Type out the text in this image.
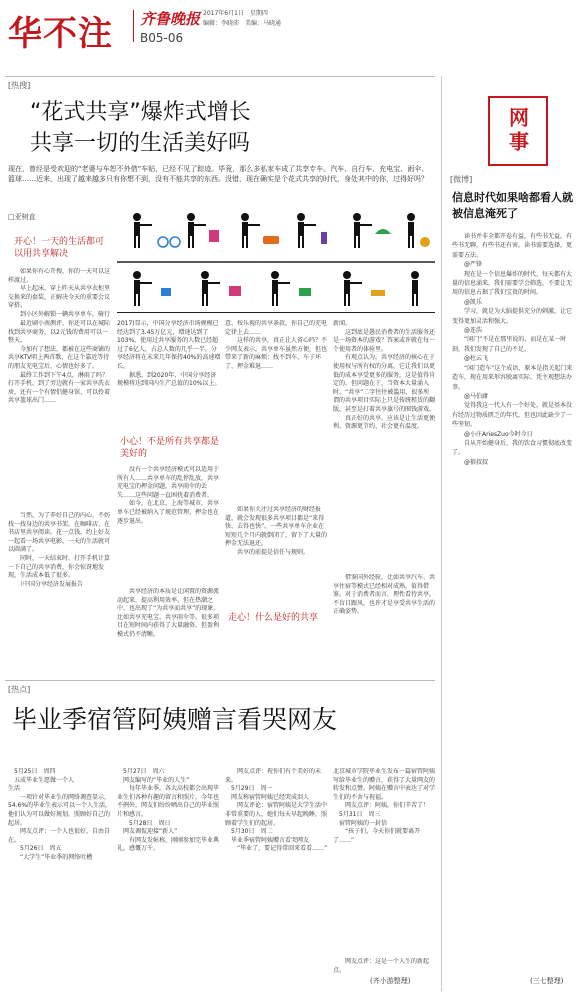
华不注 齐鲁晚报 2017年6月1日　星期四
编辑：李晓沛　美编：马晓通
B05-06
[热搜]
“花式共享”爆炸式增长
共享一切的生活美好吗
现在，曾经是受欢迎的“老婆与车恕不外借”车贴，已经不见了踪迹。毕竟，那么多私家车成了共享专车。汽车、自行车、充电宝、雨伞、篮球……近来，出现了越来越多只有你想不到，没有不能共享的东西。没错，现在确实是个花式共享的时代，身处其中的你，过得好吗？
□亚树直
开心！一天的生活都可以用共享解决
　　如果你有心开搜，你的一天可以这样渡过。
　　早上起床，穿上昨天从共享衣柜里交换来的套装，正解决今天的重要会议穿搭。
　　到小区外解锁一辆共享单车，骑行

　　最近刷小南测评，你还可以在城际找到共享商务，以2元钱的费用可以一整天。
　　今加有了想法，都被在这些商铺的共享KTV唱上两首歌，在这个靠近等待的朋友充电宝后，心情也好多了。
　　最终工作到下午4点，淋雨了吗？打开手机，到了旁边就有一家共享洗衣房，还有一个有情侣健身馆、可以拎着共享篮球出门……
　　当然，为了养好自己的内心，不妨找一找身边的共享书架，在咖啡店、在书店里共享阅读。花一点钱，约上好友一起看一场共享电影，一天的生活就可以圆满了。
　　同时，一天结束时，打开手机计算一下自己的共享消费，你会惊讶地发现，生活成本低了很多。
　　（中国分享经济发展报告
2017)显示，中国分享经济市场规模已经达到了3.45万亿元，增速达到了103%，使用过共享服务的人数已经超过了6亿人，占总人数的几乎一半。分享经济将在未来几年保持40%的高速增长。
　　据悉，到2020年，中国分享经济规模将达到国内生产总值的10%以上。
小心！不是所有共享都是美好的
　　没有一个共享经济模式可以适用于所有人……共享单车的乱停乱放，共享充电宝的押金问题，共享雨伞的丢失……这些问题一直困扰着消费者。
　　如今，在北京、上海等城市，共享单车已经被纳入了规范管理，押金也在逐步退出。
　　共享经济的本质是让闲置的资源流动起来，提高利用效率。但在热潮之中，也出现了“为共享而共享”的现象。比如共享充电宝、共享雨伞等，很多项目在短时间内获得了大量融资，但盈利模式仍不清晰。
意、按乐视的共享条款，你自己的充电定律上去……
　　这样的共享，真正让人省心吗？不少网友表示，共享单车虽然方便，但也带来了新的麻烦：找不到车、车子坏了、押金难退……
走心！什么是好的共享
　　如果你关注过共享经济的财经报道，就会发现很多共享项目都是“来得快、去得也快”。一些共享单车企业在短短几个月内就倒闭了，留下了大量的押金无法退还。
　　共享的前提是信任与规则。
新闻。
　　这到底是愚民消费者的生活服务还是一场资本的游戏？答案或许就在每一个使用者的体验里。
　　有观点认为，共享经济的核心在于使用权与所有权的分离，它让我们以更低的成本享受更多的服务，这是值得肯定的。但问题在于，当资本大量涌入时，“共享”二字往往被滥用，很多所谓的共享项目实际上只是传统租赁的翻版，甚至是打着共享旗号的圈钱游戏。
　　真正好的共享，应该是让生活更便利、资源更节约、社会更有温度。
　　借鉴国外经验，比如共享汽车、共享住宿等模式已经相对成熟，值得借鉴。对于消费者而言，理性看待共享，不盲目跟风，也许才是享受共享生活的正确姿势。
[热点]
毕业季宿管阿姨赠言看哭网友
　5月25日　周四
　五成毕业生愿做一个人
生活
　　一项针对毕业生的网络调查显示，54.6%的毕业生表示可以一个人生活，他们认为可以做好规划，照顾好自己的起居。
　　网友点评：一个人也很好，自由自在。
　　5月26日　周五
　　“大学生”毕业季的网络吐槽
　5月27日　周六
　网友编写的“毕业的人生”
　　每年毕业季，各大高校都会出现毕业生们各种有趣的留言和照片，今年也不例外，网友们纷纷晒出自己的毕业照片和感言。
　　5月28日　周日
　网友调侃迎接“新人”
　　有网友发帖称，刚刚参加完毕业典礼，感慨万千。
　　网友点评：祝你们有个美好的未来。
　5月29日　周一
　网友称宿管阿姨已经哭成泪人
　　网友评论：宿管阿姨是大学生活中非常重要的人，她们每天早起晚睡，照顾着学生们的起居。
　5月30日　周二
　毕业季宿管阿姨赠言看哭网友
　　“毕业了，要记得常回来看看……”
北京城市学院毕业生发布一篇宿管阿姨写给毕业生的赠言，获得了大量网友的转发和点赞。阿姨在赠言中表达了对学生们的不舍与祝福。
　　网友点评：阿姨，你们辛苦了！
　5月31日　周三
　宿管阿姨的一封信
　　“孩子们，今天你们就要离开了……”
　　网友点评：这是一个人生的新起点。
(齐小游整理)
网事
[微博]
信息时代如果啥都看人就被信息淹死了
　　读书并非全都开卷有益，有些书无益，有些书无聊，有些书还有害。读书需要选择，更需要方法。
　　@严锋
　　现在是一个信息爆炸的时代，每天都有大量的信息涌来，我们需要学会筛选，不要让无用的信息占据了我们宝贵的时间。
　　@凯乐
　　学习，就是为大脑提供充分的刺激，让它变得更加灵活和强大。
　　@连浩
　　“闲门”不是在那里说的，而是在某一时刻，我们发现了自己的不足。
　　@杜云飞
　　“闲门造车”这个成语，原本是指关起门来造车，现在用来形容脱离实际、凭主观想法办事。
　　@马伯庸
　　觉得我这一代人有一个好处，就是基本没有经历过物质匮乏的年代，但也因此缺少了一些坚韧。
　　@小庄AriesZuo今时今日
　　自从开始健身后，我的饮食习惯彻底改变了。
　　@狼叔叔
(三七整理)
